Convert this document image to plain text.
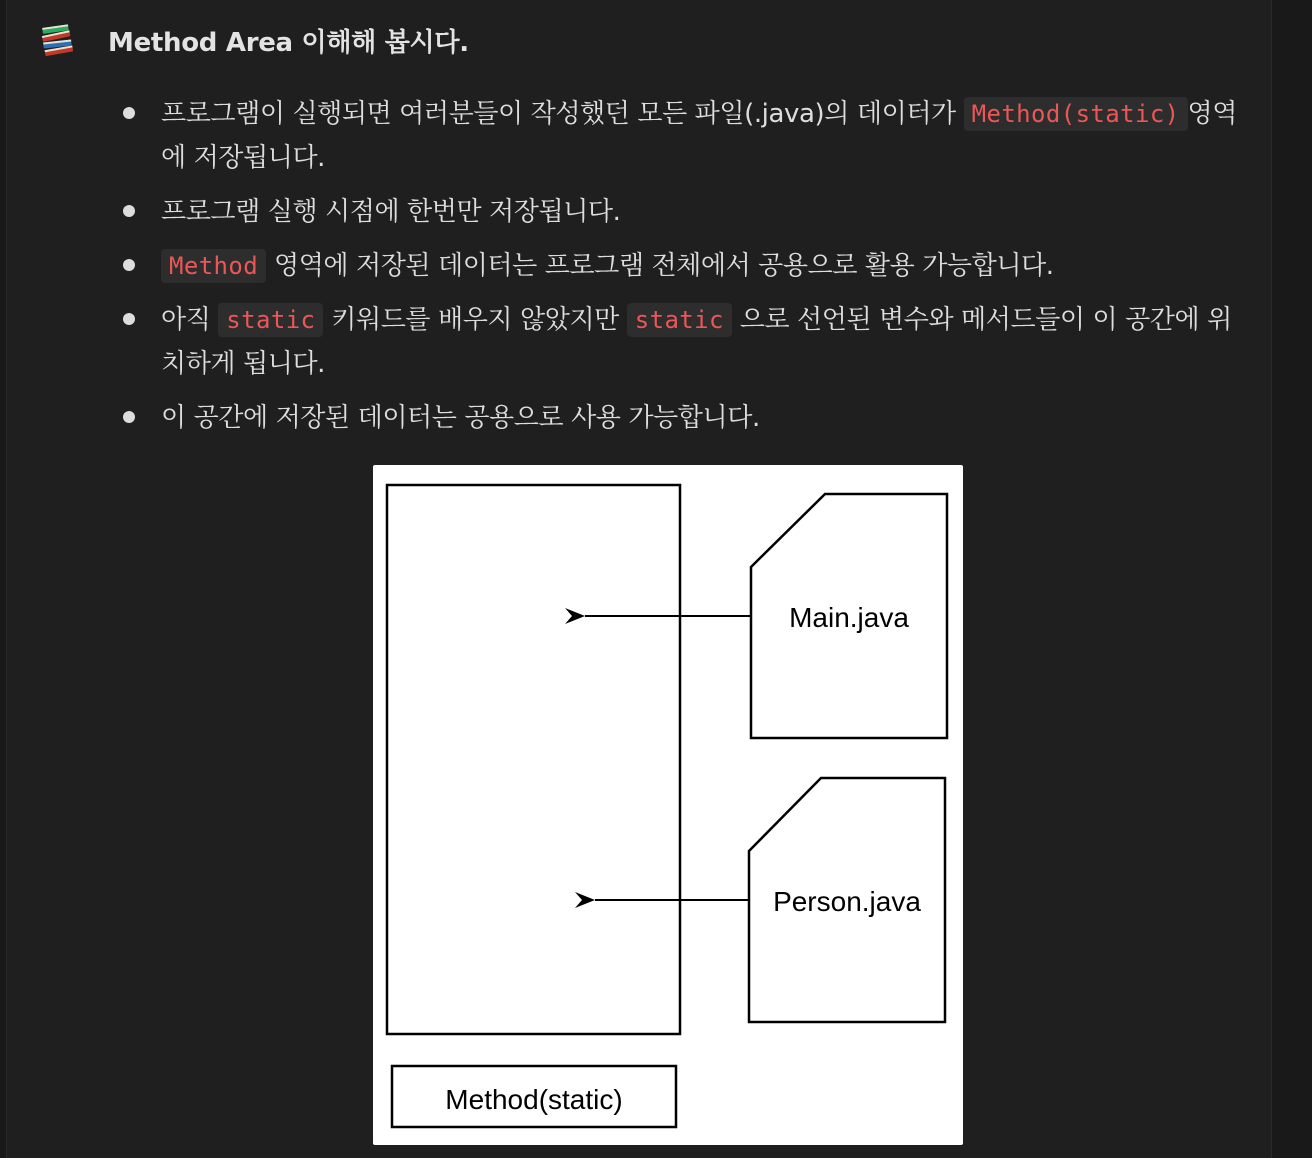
Method Area 이해해 봅시다.
프로그램이 실행되면 여러분들이 작성했던 모든 파일(.java)의 데이터가 Method(static) 영역에 저장됩니다.
프로그램 실행 시점에 한번만 저장됩니다.
Method 영역에 저장된 데이터는 프로그램 전체에서 공용으로 활용 가능합니다.
아직 static 키워드를 배우지 않았지만 static 으로 선언된 변수와 메서드들이 이 공간에 위치하게 됩니다.
이 공간에 저장된 데이터는 공용으로 사용 가능합니다.
Main.java
Person.java
Method(static)
